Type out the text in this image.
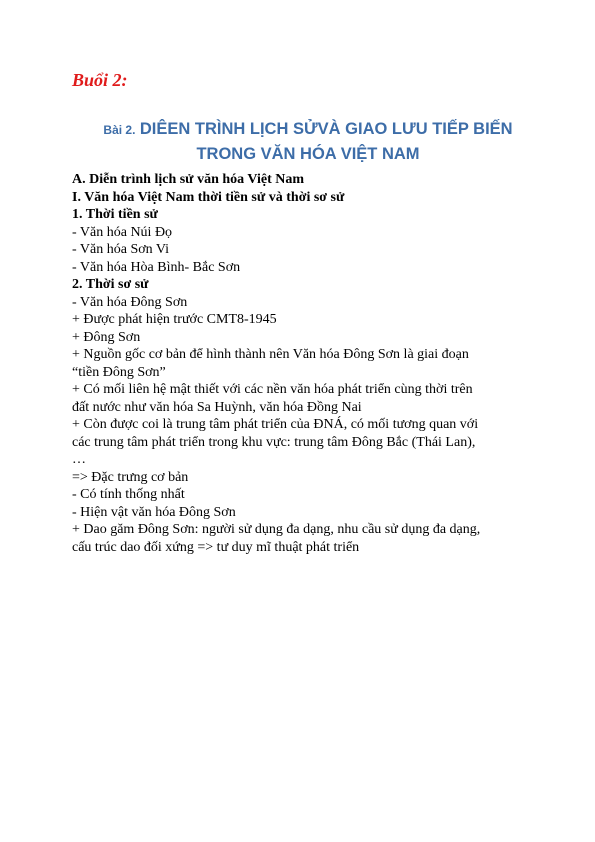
Buổi 2:
Bài 2. DIÊEN TRÌNH LỊCH SỬVÀ GIAO LƯU TIẾP BIẾN
TRONG VĂN HÓA VIỆT NAM
A. Diễn trình lịch sử văn hóa Việt Nam
I. Văn hóa Việt Nam thời tiền sử và thời sơ sử
1. Thời tiền sử
- Văn hóa Núi Đọ
- Văn hóa Sơn Vi
- Văn hóa Hòa Bình- Bắc Sơn
2. Thời sơ sử
- Văn hóa Đông Sơn
+ Được phát hiện trước CMT8-1945
+ Đông Sơn
+ Nguồn gốc cơ bản để hình thành nên Văn hóa Đông Sơn là giai đoạn
“tiền Đông Sơn”
+ Có mối liên hệ mật thiết với các nền văn hóa phát triển cùng thời trên
đất nước như văn hóa Sa Huỳnh, văn hóa Đồng Nai
+ Còn được coi là trung tâm phát triển của ĐNÁ, có mối tương quan với
các trung tâm phát triển trong khu vực: trung tâm Đông Bắc (Thái Lan),
…
=> Đặc trưng cơ bản
- Có tính thống nhất
- Hiện vật văn hóa Đông Sơn
+ Dao găm Đông Sơn: người sử dụng đa dạng, nhu cầu sử dụng đa dạng,
cấu trúc dao đối xứng => tư duy mĩ thuật phát triển
